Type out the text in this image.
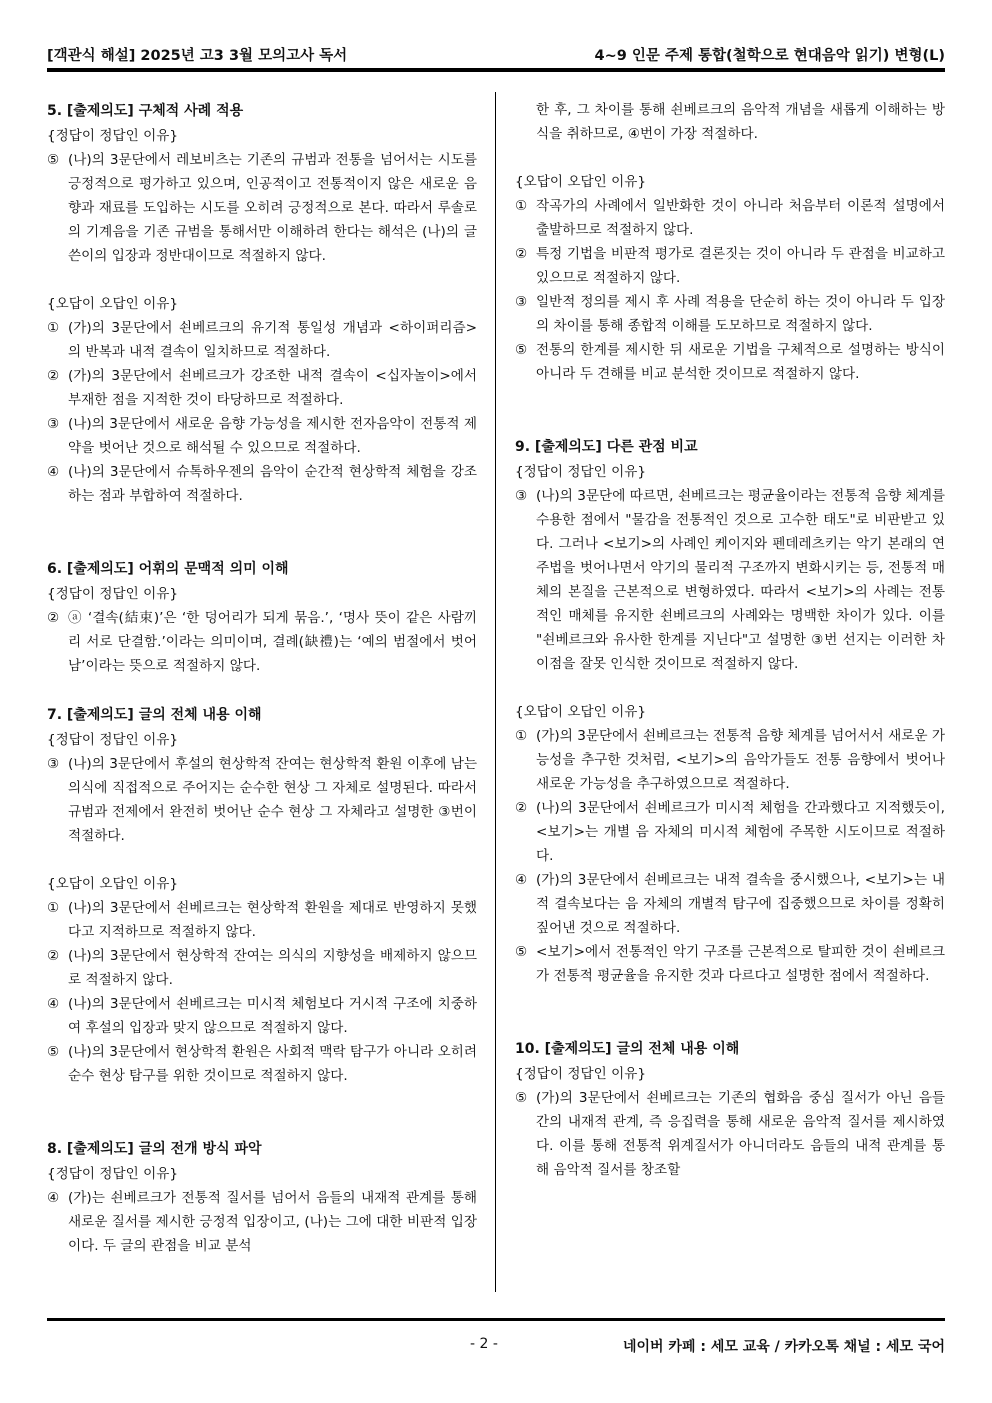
[객관식 해설] 2025년 고3 3월 모의고사 독서	4~9 인문 주제 통합(철학으로 현대음악 읽기) 변형(L)

5. [출제의도] 구체적 사례 적용

{정답이 정답인 이유}

⑤ (나)의 3문단에서 레보비츠는 기존의 규범과 전통을 넘어서는 시도를 긍정적으로 평가하고 있으며, 인공적이고 전통적이지 않은 새로운 음향과 재료를 도입하는 시도를 오히려 긍정적으로 본다. 따라서 루솔로의 기계음을 기존 규범을 통해서만 이해하려 한다는 해석은 (나)의 글쓴이의 입장과 정반대이므로 적절하지 않다.

{오답이 오답인 이유}

① (가)의 3문단에서 쇤베르크의 유기적 통일성 개념과 <하이퍼리즘>의 반복과 내적 결속이 일치하므로 적절하다.

② (가)의 3문단에서 쇤베르크가 강조한 내적 결속이 <십자놀이>에서 부재한 점을 지적한 것이 타당하므로 적절하다.

③ (나)의 3문단에서 새로운 음향 가능성을 제시한 전자음악이 전통적 제약을 벗어난 것으로 해석될 수 있으므로 적절하다.

④ (나)의 3문단에서 슈톡하우젠의 음악이 순간적 현상학적 체험을 강조하는 점과 부합하여 적절하다.

6. [출제의도] 어휘의 문맥적 의미 이해

{정답이 정답인 이유}

② ⓐ ‘결속(結束)’은 ‘한 덩어리가 되게 묶음.’, ‘명사 뜻이 같은 사람끼리 서로 단결함.’이라는 의미이며, 결례(缺禮)는 ‘예의 범절에서 벗어남’이라는 뜻으로 적절하지 않다.

7. [출제의도] 글의 전체 내용 이해

{정답이 정답인 이유}

③ (나)의 3문단에서 후설의 현상학적 잔여는 현상학적 환원 이후에 남는 의식에 직접적으로 주어지는 순수한 현상 그 자체로 설명된다. 따라서 규범과 전제에서 완전히 벗어난 순수 현상 그 자체라고 설명한 ③번이 적절하다.

{오답이 오답인 이유}

① (나)의 3문단에서 쇤베르크는 현상학적 환원을 제대로 반영하지 못했다고 지적하므로 적절하지 않다.

② (나)의 3문단에서 현상학적 잔여는 의식의 지향성을 배제하지 않으므로 적절하지 않다.

④ (나)의 3문단에서 쇤베르크는 미시적 체험보다 거시적 구조에 치중하여 후설의 입장과 맞지 않으므로 적절하지 않다.

⑤ (나)의 3문단에서 현상학적 환원은 사회적 맥락 탐구가 아니라 오히려 순수 현상 탐구를 위한 것이므로 적절하지 않다.

8. [출제의도] 글의 전개 방식 파악

{정답이 정답인 이유}

④ (가)는 쇤베르크가 전통적 질서를 넘어서 음들의 내재적 관계를 통해 새로운 질서를 제시한 긍정적 입장이고, (나)는 그에 대한 비판적 입장이다. 두 글의 관점을 비교 분석

한 후, 그 차이를 통해 쇤베르크의 음악적 개념을 새롭게 이해하는 방식을 취하므로, ④번이 가장 적절하다.

{오답이 오답인 이유}

① 작곡가의 사례에서 일반화한 것이 아니라 처음부터 이론적 설명에서 출발하므로 적절하지 않다.

② 특정 기법을 비판적 평가로 결론짓는 것이 아니라 두 관점을 비교하고 있으므로 적절하지 않다.

③ 일반적 정의를 제시 후 사례 적용을 단순히 하는 것이 아니라 두 입장의 차이를 통해 종합적 이해를 도모하므로 적절하지 않다.

⑤ 전통의 한계를 제시한 뒤 새로운 기법을 구체적으로 설명하는 방식이 아니라 두 견해를 비교 분석한 것이므로 적절하지 않다.

9. [출제의도] 다른 관점 비교

{정답이 정답인 이유}

③ (나)의 3문단에 따르면, 쇤베르크는 평균율이라는 전통적 음향 체계를 수용한 점에서 "물감을 전통적인 것으로 고수한 태도"로 비판받고 있다. 그러나 <보기>의 사례인 케이지와 펜데레츠키는 악기 본래의 연주법을 벗어나면서 악기의 물리적 구조까지 변화시키는 등, 전통적 매체의 본질을 근본적으로 변형하였다. 따라서 <보기>의 사례는 전통적인 매체를 유지한 쇤베르크의 사례와는 명백한 차이가 있다. 이를 "쇤베르크와 유사한 한계를 지닌다"고 설명한 ③번 선지는 이러한 차이점을 잘못 인식한 것이므로 적절하지 않다.

{오답이 오답인 이유}

① (가)의 3문단에서 쇤베르크는 전통적 음향 체계를 넘어서서 새로운 가능성을 추구한 것처럼, <보기>의 음악가들도 전통 음향에서 벗어나 새로운 가능성을 추구하였으므로 적절하다.

② (나)의 3문단에서 쇤베르크가 미시적 체험을 간과했다고 지적했듯이, <보기>는 개별 음 자체의 미시적 체험에 주목한 시도이므로 적절하다.

④ (가)의 3문단에서 쇤베르크는 내적 결속을 중시했으나, <보기>는 내적 결속보다는 음 자체의 개별적 탐구에 집중했으므로 차이를 정확히 짚어낸 것으로 적절하다.

⑤ <보기>에서 전통적인 악기 구조를 근본적으로 탈피한 것이 쇤베르크가 전통적 평균율을 유지한 것과 다르다고 설명한 점에서 적절하다.

10. [출제의도] 글의 전체 내용 이해

{정답이 정답인 이유}

⑤ (가)의 3문단에서 쇤베르크는 기존의 협화음 중심 질서가 아닌 음들 간의 내재적 관계, 즉 응집력을 통해 새로운 음악적 질서를 제시하였다. 이를 통해 전통적 위계질서가 아니더라도 음들의 내적 관계를 통해 음악적 질서를 창조할

- 2 -	네이버 카페 : 세모 교육 / 카카오톡 채널 : 세모 국어
